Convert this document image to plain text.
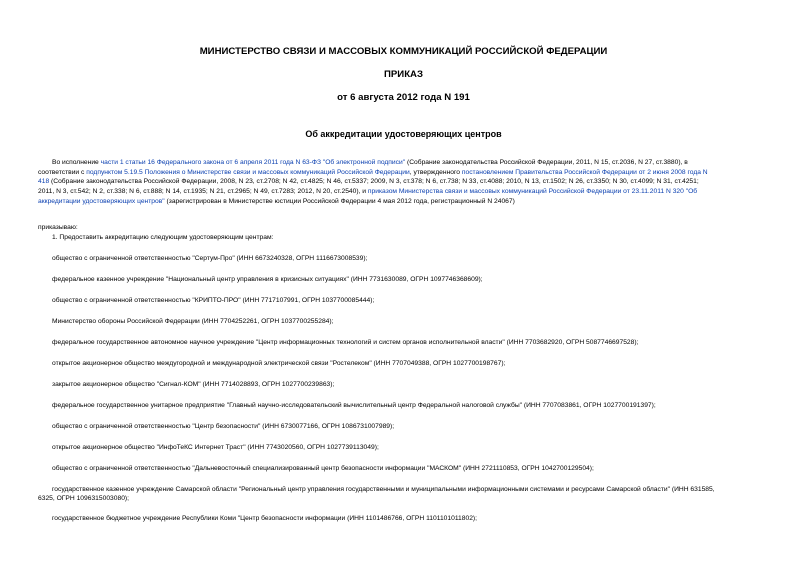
МИНИСТЕРСТВО СВЯЗИ И МАССОВЫХ КОММУНИКАЦИЙ РОССИЙСКОЙ ФЕДЕРАЦИИ
ПРИКАЗ
от 6 августа 2012 года N 191
Об аккредитации удостоверяющих центров
Во исполнение части 1 статьи 16 Федерального закона от 6 апреля 2011 года N 63-ФЗ "Об электронной подписи" (Собрание законодательства Российской Федерации, 2011, N 15, ст.2036, N 27, ст.3880), в
соответствии с подпунктом 5.19.5 Положения о Министерстве связи и массовых коммуникаций Российской Федерации, утвержденного постановлением Правительства Российской Федерации от 2 июня 2008 года N
418 (Собрание законодательства Российской Федерации, 2008, N 23, ст.2708; N 42, ст.4825; N 46, ст.5337; 2009, N 3, ст.378; N 6, ст.738; N 33, ст.4088; 2010, N 13, ст.1502; N 26, ст.3350; N 30, ст.4099; N 31, ст.4251;
2011, N 3, ст.542; N 2, ст.338; N 6, ст.888; N 14, ст.1935; N 21, ст.2965; N 49, ст.7283; 2012, N 20, ст.2540), и приказом Министерства связи и массовых коммуникаций Российской Федерации от 23.11.2011 N 320 "Об
аккредитации удостоверяющих центров" (зарегистрирован в Министерстве юстиции Российской Федерации 4 мая 2012 года, регистрационный N 24067)
приказываю:
1. Предоставить аккредитацию следующим удостоверяющим центрам:
общество с ограниченной ответственностью "Сертум-Про" (ИНН 6673240328, ОГРН 1116673008539);
федеральное казенное учреждение "Национальный центр управления в кризисных ситуациях" (ИНН 7731630089, ОГРН 1097746368609);
общество с ограниченной ответственностью "КРИПТО-ПРО" (ИНН 7717107991, ОГРН 1037700085444);
Министерство обороны Российской Федерации (ИНН 7704252261, ОГРН 1037700255284);
федеральное государственное автономное научное учреждение "Центр информационных технологий и систем органов исполнительной власти" (ИНН 7703682920, ОГРН 5087746697528);
открытое акционерное общество междугородной и международной электрической связи "Ростелеком" (ИНН 7707049388, ОГРН 1027700198767);
закрытое акционерное общество "Сигнал-КОМ" (ИНН 7714028893, ОГРН 1027700239863);
федеральное государственное унитарное предприятие "Главный научно-исследовательский вычислительный центр Федеральной налоговой службы" (ИНН 7707083861, ОГРН 1027700191397);
общество с ограниченной ответственностью "Центр безопасности" (ИНН 6730077166, ОГРН 1086731007989);
открытое акционерное общество "ИнфоТеКС Интернет Траст" (ИНН 7743020560, ОГРН 1027739113049);
общество с ограниченной ответственностью "Дальневосточный специализированный центр безопасности информации "МАСКОМ" (ИНН 2721110853, ОГРН 1042700129504);
государственное казенное учреждение Самарской области "Региональный центр управления государственными и муниципальными информационными системами и ресурсами Самарской области" (ИНН 631585,
6325, ОГРН 1096315003080);
государственное бюджетное учреждение Республики Коми "Центр безопасности информации (ИНН 1101486766, ОГРН 1101101011802);
